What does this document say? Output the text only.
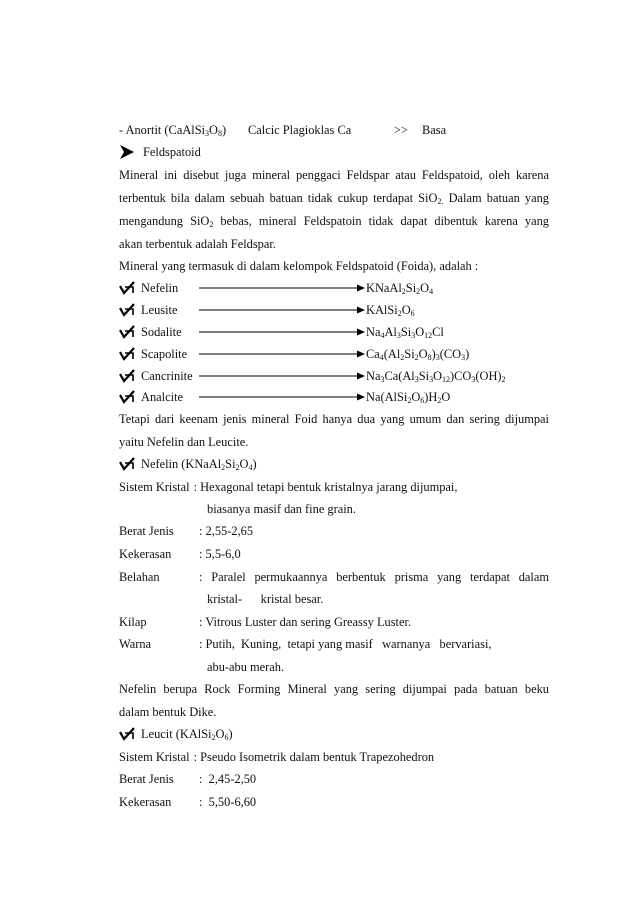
- Anortit $(CaAlSi_3O_8)$ Calcic Plagioklas Ca	>> Basa
Feldspatoid
Mineral ini disebut juga mineral penggaci Feldspar atau Feldspatoid, oleh karena
terbentuk bila dalam sebuah batuan tidak cukup terdapat SiO$_{2.}$ Dalam batuan yang
mengandung SiO$_2$ bebas, mineral Feldspatoin tidak dapat dibentuk karena yang
akan terbentuk adalah Feldspar.
Mineral yang termasuk di dalam kelompok Feldspatoid (Foida), adalah :
Nefelin	$KNaAl_2Si_2O_4$
Leusite	$KAlSi_2O_6$
Sodalite	$Na_4Al_3Si_3O_{12}Cl$
Scapolite	$Ca_4(Al_2Si_2O_8)_3(CO_3)$
Cancrinite	$Na_3Ca(Al_3Si_3O_{12})CO_3(OH)_2$
Analcite	$Na(AlSi_2O_6)H_2O$
Tetapi dari keenam jenis mineral Foid hanya dua yang umum dan sering dijumpai
yaitu Nefelin dan Leucite.
Nefelin $(KNaAl_2Si_2O_4)$
Sistem Kristal : Hexagonal tetapi bentuk kristalnya jarang dijumpai,
biasanya masif dan fine grain.
Berat Jenis : 2,55-2,65
Kekerasan : 5,5-6,0
Belahan	: Paralel permukaannya berbentuk prisma yang terdapat dalam
kristal-      kristal besar.
Kilap	: Vitrous Luster dan sering Greassy Luster.
Warna	: Putih,  Kuning,  tetapi yang masif   warnanya   bervariasi,
abu-abu merah.
Nefelin berupa Rock Forming Mineral yang sering dijumpai pada batuan beku
dalam bentuk Dike.
Leucit $(KAlSi_2O_6)$
Sistem Kristal : Pseudo Isometrik dalam bentuk Trapezohedron
Berat Jenis :  2,45-2,50
Kekerasan :  5,50-6,60
